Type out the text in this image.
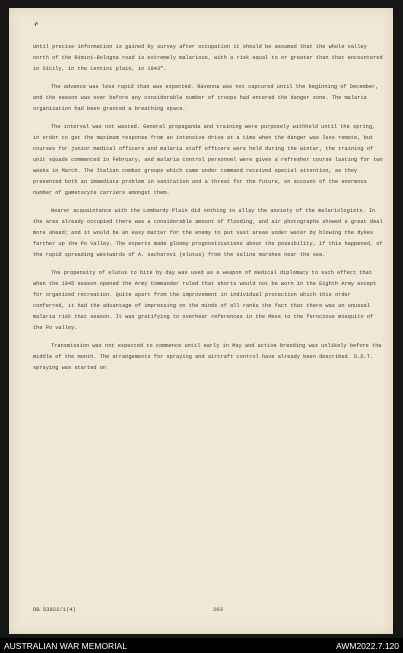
“

Until precise information is gained by survey after occupation it should be assumed that the whole valley north of the Rimini-Bologna road is extremely malarious, with a risk equal to or greater than that encountered in Sicily, in the Lentini plain, in 1943”.

The advance was less rapid than was expected. Ravenna was not captured until the beginning of December, and the season was over before any considerable number of troops had entered the danger zone. The malaria organization had been granted a breathing space.

The interval was not wasted. General propaganda and training were purposely withheld until the spring, in order to get the maximum response from an intensive drive at a time when the danger was less remote, but courses for junior medical officers and malaria staff officers were held during the winter, the training of unit squads commenced in February, and malaria control personnel were given a refresher course lasting for two weeks in March. The Italian combat groups which came under command received special attention, as they presented both an immediate problem in sanitation and a threat for the future, on account of the enormous number of gametocyte carriers amongst them.

Nearer acquaintance with the Lombardy Plain did nothing to allay the anxiety of the malariologists. In the area already occupied there was a considerable amount of flooding, and air photographs showed a great deal more ahead; and it would be an easy matter for the enemy to put vast areas under water by blowing the dykes farther up the Po Valley. The experts made gloomy prognostications about the possibility, if this happened, of the rapid spreading westwards of A. sacharovi (elutus) from the saline marshes near the sea.

The propensity of elutus to bite by day was used as a weapon of medical diplomacy to such effect that when the 1945 season opened the Army Commander ruled that shorts would not be worn in the Eighth Army except for organized recreation. Quite apart from the improvement in individual protection which this order conferred, it had the advantage of impressing on the minds of all ranks the fact that there was an unusual malaria risk that season. It was gratifying to overhear references in the Mess to the ferocious mosquito of the Po valley.

Transmission was not expected to commence until early in May and active breeding was unlikely before the middle of the month. The arrangements for spraying and aircraft control have already been described. D.D.T. spraying was started on

DB 53922/1(4)	203
AUSTRALIAN WAR MEMORIAL	AWM2022.7.120
